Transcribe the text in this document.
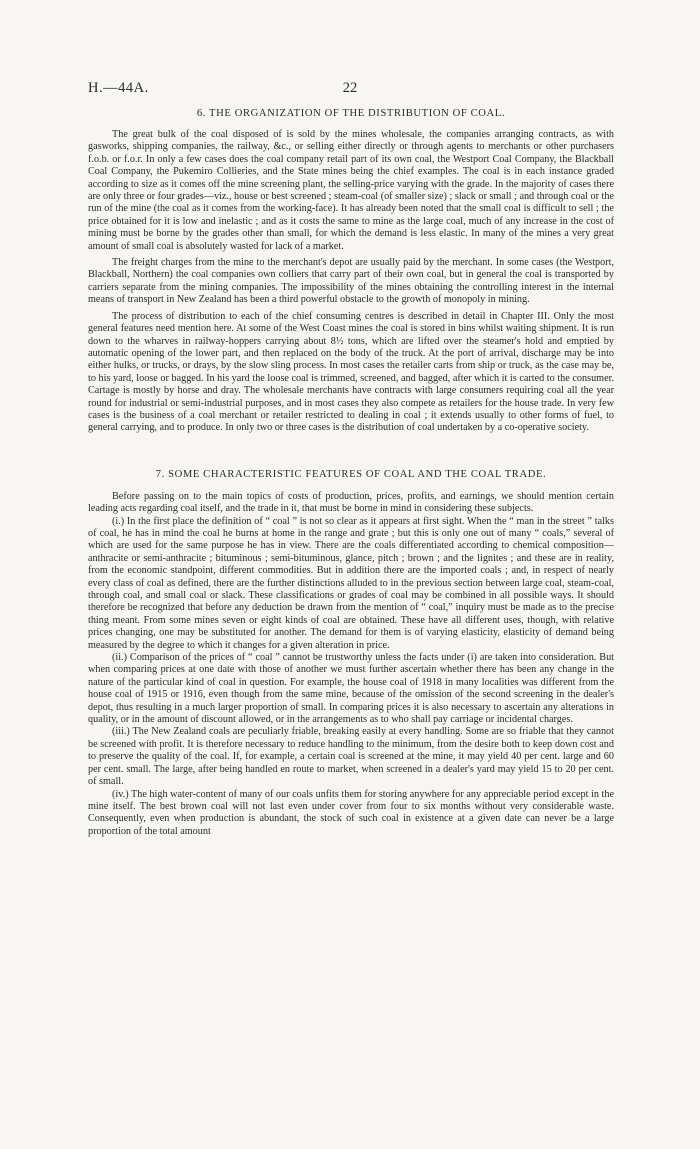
H.—44A.	22
6. THE ORGANIZATION OF THE DISTRIBUTION OF COAL.

The great bulk of the coal disposed of is sold by the mines wholesale, the companies arranging contracts, as with gasworks, shipping companies, the railway, &c., or selling either directly or through agents to merchants or other purchasers f.o.b. or f.o.r. In only a few cases does the coal company retail part of its own coal, the Westport Coal Company, the Blackball Coal Company, the Pukemiro Collieries, and the State mines being the chief examples. The coal is in each instance graded according to size as it comes off the mine screening plant, the selling-price varying with the grade. In the majority of cases there are only three or four grades—viz., house or best screened ; steam-coal (of smaller size) ; slack or small ; and through coal or the run of the mine (the coal as it comes from the working-face). It has already been noted that the small coal is difficult to sell ; the price obtained for it is low and inelastic ; and as it costs the same to mine as the large coal, much of any increase in the cost of mining must be borne by the grades other than small, for which the demand is less elastic. In many of the mines a very great amount of small coal is absolutely wasted for lack of a market.

The freight charges from the mine to the merchant's depot are usually paid by the merchant. In some cases (the Westport, Blackball, Northern) the coal companies own colliers that carry part of their own coal, but in general the coal is transported by carriers separate from the mining companies. The impossibility of the mines obtaining the controlling interest in the internal means of transport in New Zealand has been a third powerful obstacle to the growth of monopoly in mining.

The process of distribution to each of the chief consuming centres is described in detail in Chapter III. Only the most general features need mention here. At some of the West Coast mines the coal is stored in bins whilst waiting shipment. It is run down to the wharves in railway-hoppers carrying about 8½ tons, which are lifted over the steamer's hold and emptied by automatic opening of the lower part, and then replaced on the body of the truck. At the port of arrival, discharge may be into either hulks, or trucks, or drays, by the slow sling process. In most cases the retailer carts from ship or truck, as the case may be, to his yard, loose or bagged. In his yard the loose coal is trimmed, screened, and bagged, after which it is carted to the consumer. Cartage is mostly by horse and dray. The wholesale merchants have contracts with large consumers requiring coal all the year round for industrial or semi-industrial purposes, and in most cases they also compete as retailers for the house trade. In very few cases is the business of a coal merchant or retailer restricted to dealing in coal ; it extends usually to other forms of fuel, to general carrying, and to produce. In only two or three cases is the distribution of coal undertaken by a co-operative society.

7. SOME CHARACTERISTIC FEATURES OF COAL AND THE COAL TRADE.

Before passing on to the main topics of costs of production, prices, profits, and earnings, we should mention certain leading acts regarding coal itself, and the trade in it, that must be borne in mind in considering these subjects.

(i.) In the first place the definition of “ coal ” is not so clear as it appears at first sight. When the “ man in the street ” talks of coal, he has in mind the coal he burns at home in the range and grate ; but this is only one out of many “ coals,” several of which are used for the same purpose he has in view. There are the coals differentiated according to chemical composition—anthracite or semi-anthracite ; bituminous ; semi-bituminous, glance, pitch ; brown ; and the lignites ; and these are in reality, from the economic standpoint, different commodities. But in addition there are the imported coals ; and, in respect of nearly every class of coal as defined, there are the further distinctions alluded to in the previous section between large coal, steam-coal, through coal, and small coal or slack. These classifications or grades of coal may be combined in all possible ways. It should therefore be recognized that before any deduction be drawn from the mention of “ coal,” inquiry must be made as to the precise thing meant. From some mines seven or eight kinds of coal are obtained. These have all different uses, though, with relative prices changing, one may be substituted for another. The demand for them is of varying elasticity, elasticity of demand being measured by the degree to which it changes for a given alteration in price.

(ii.) Comparison of the prices of “ coal ” cannot be trustworthy unless the facts under (i) are taken into consideration. But when comparing prices at one date with those of another we must further ascertain whether there has been any change in the nature of the particular kind of coal in question. For example, the house coal of 1918 in many localities was different from the house coal of 1915 or 1916, even though from the same mine, because of the omission of the second screening in the dealer's depot, thus resulting in a much larger proportion of small. In comparing prices it is also necessary to ascertain any alterations in quality, or in the amount of discount allowed, or in the arrangements as to who shall pay carriage or incidental charges.

(iii.) The New Zealand coals are peculiarly friable, breaking easily at every handling. Some are so friable that they cannot be screened with profit. It is therefore necessary to reduce handling to the minimum, from the desire both to keep down cost and to preserve the quality of the coal. If, for example, a certain coal is screened at the mine, it may yield 40 per cent. large and 60 per cent. small. The large, after being handled en route to market, when screened in a dealer's yard may yield 15 to 20 per cent. of small.

(iv.) The high water-content of many of our coals unfits them for storing anywhere for any appreciable period except in the mine itself. The best brown coal will not last even under cover from four to six months without very considerable waste. Consequently, even when production is abundant, the stock of such coal in existence at a given date can never be a large proportion of the total amount
